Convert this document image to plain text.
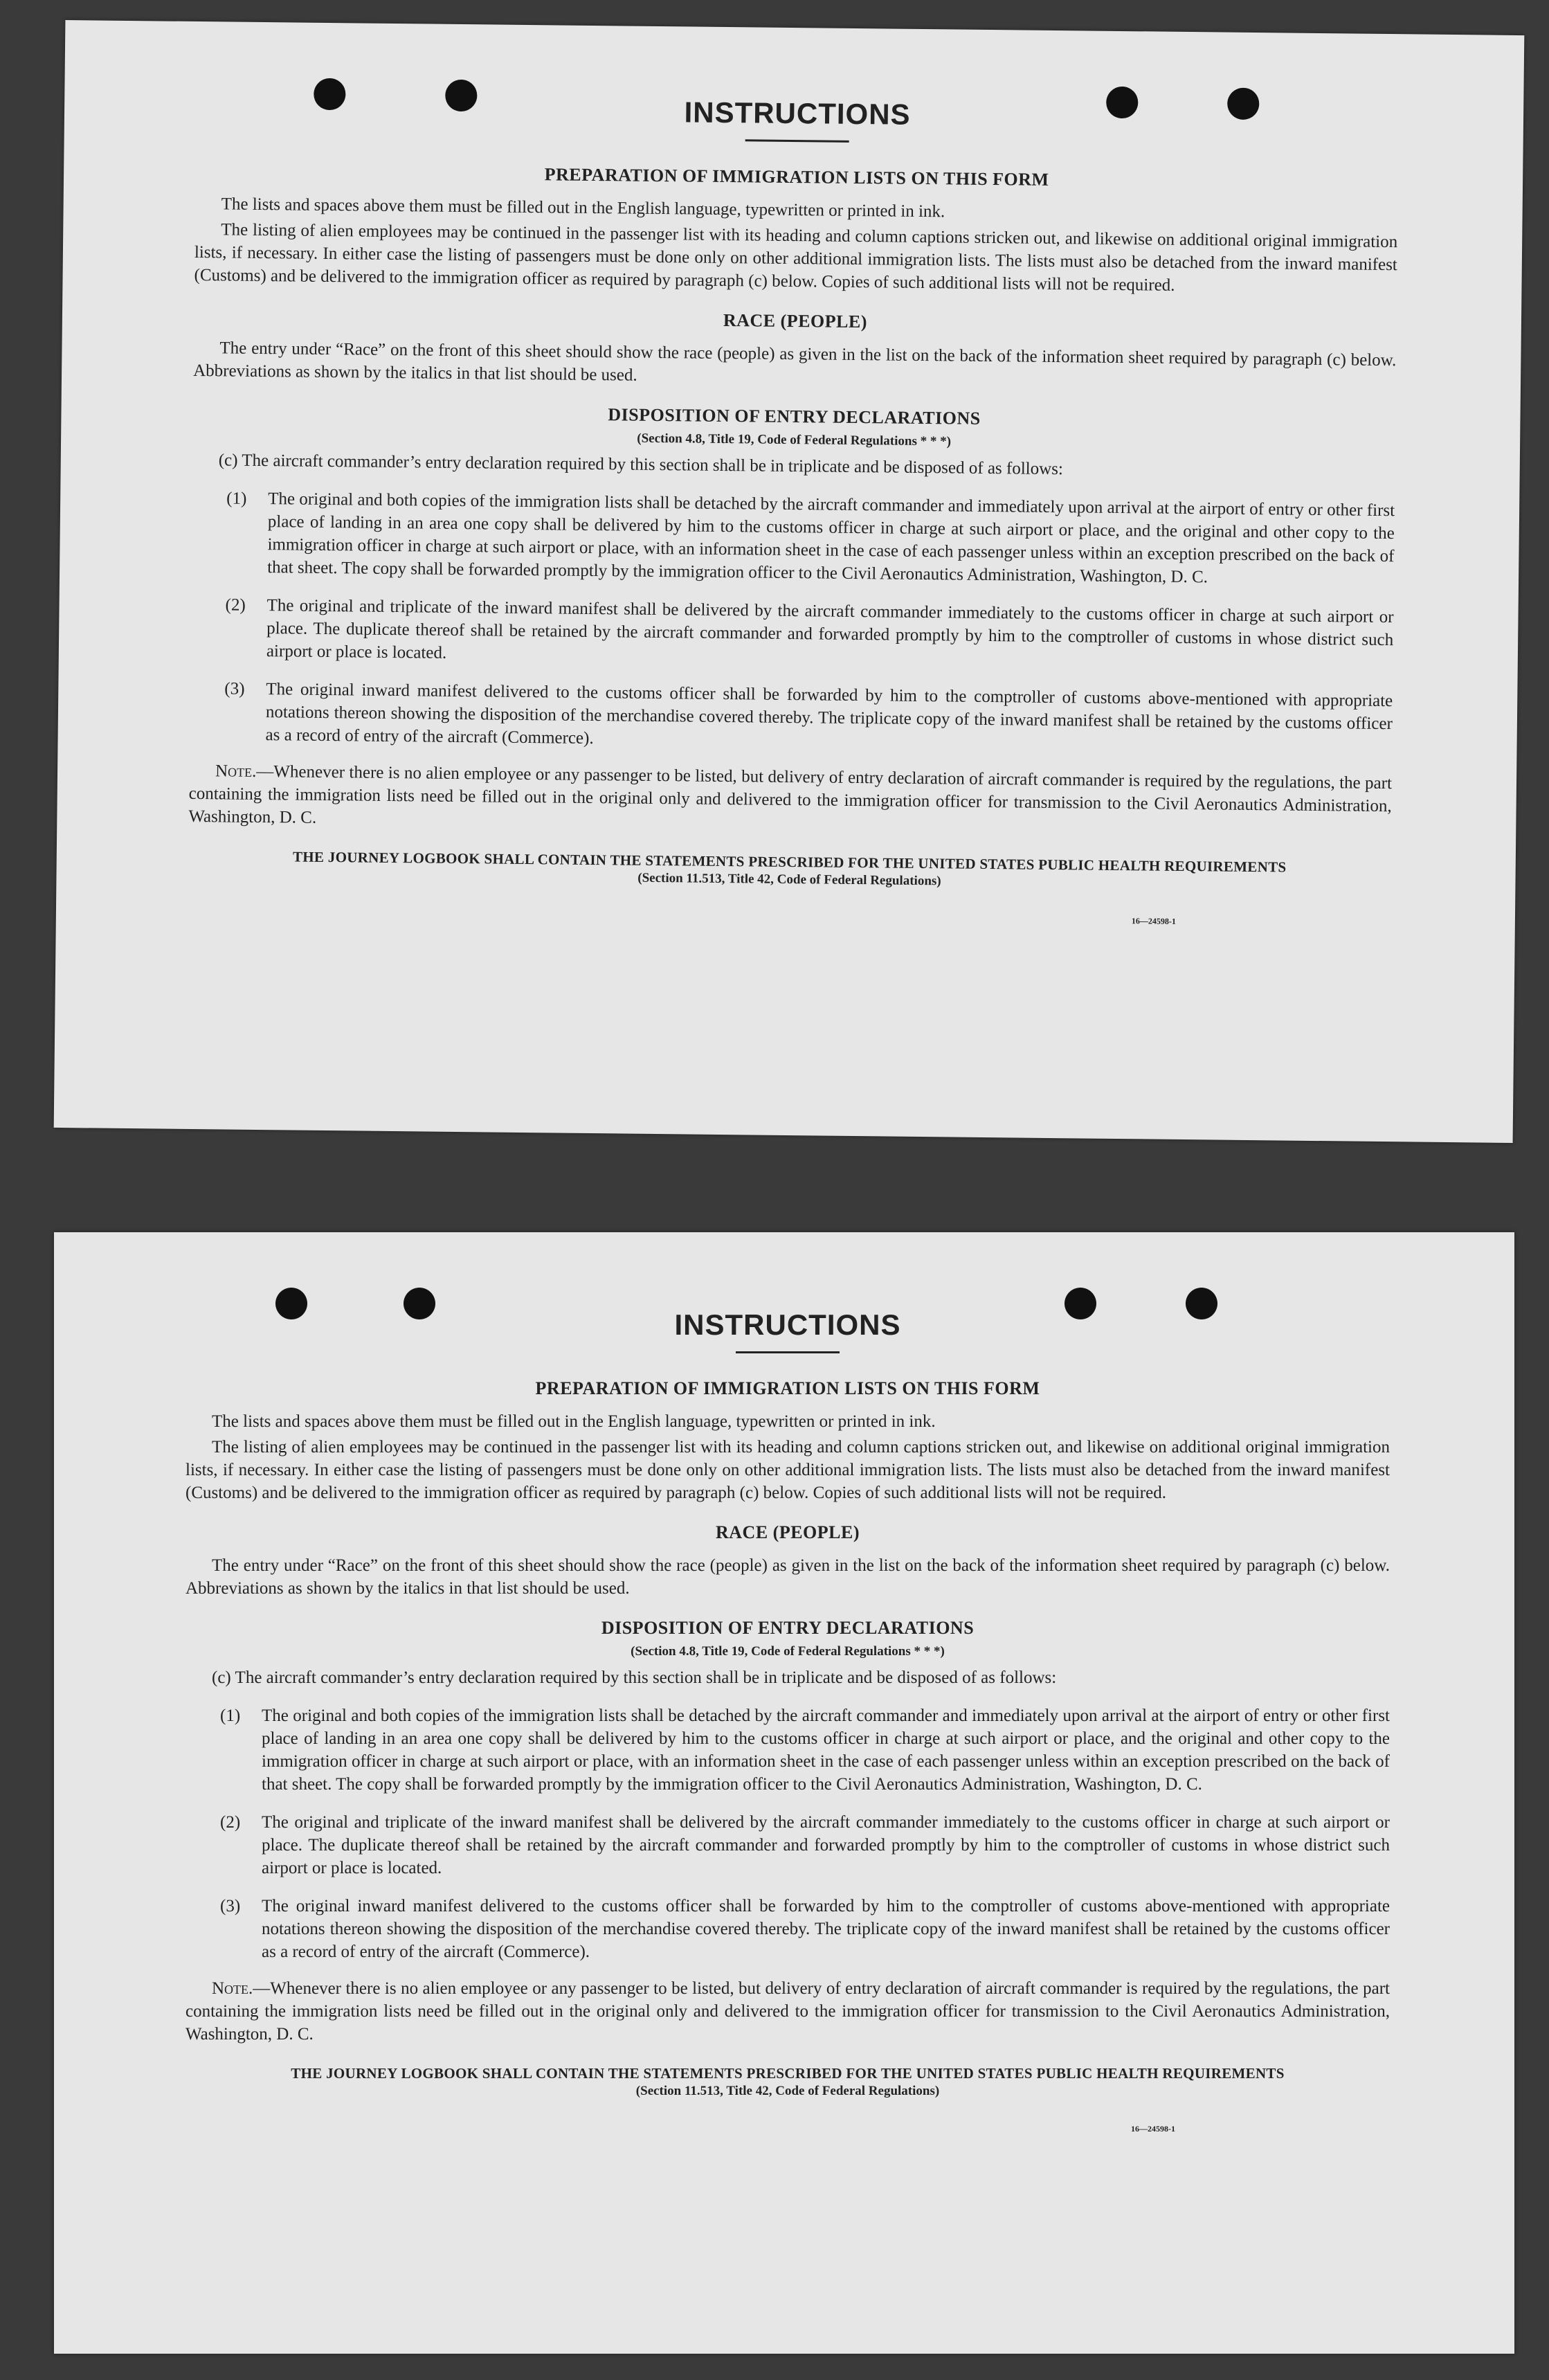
INSTRUCTIONS
PREPARATION OF IMMIGRATION LISTS ON THIS FORM

The lists and spaces above them must be filled out in the English language, typewritten or printed in ink.

The listing of alien employees may be continued in the passenger list with its heading and column captions stricken out, and likewise on additional original immigration lists, if necessary. In either case the listing of passengers must be done only on other additional immigration lists. The lists must also be detached from the inward manifest (Customs) and be delivered to the immigration officer as required by paragraph (c) below. Copies of such additional lists will not be required.

RACE (PEOPLE)

The entry under “Race” on the front of this sheet should show the race (people) as given in the list on the back of the information sheet required by paragraph (c) below. Abbreviations as shown by the italics in that list should be used.

DISPOSITION OF ENTRY DECLARATIONS
(Section 4.8, Title 19, Code of Federal Regulations * * *)

(c) The aircraft commander’s entry declaration required by this section shall be in triplicate and be disposed of as follows:

(1) The original and both copies of the immigration lists shall be detached by the aircraft commander and immediately upon arrival at the airport of entry or other first place of landing in an area one copy shall be delivered by him to the customs officer in charge at such airport or place, and the original and other copy to the immigration officer in charge at such airport or place, with an information sheet in the case of each passenger unless within an exception prescribed on the back of that sheet. The copy shall be forwarded promptly by the immigration officer to the Civil Aeronautics Administration, Washington, D. C.
(2) The original and triplicate of the inward manifest shall be delivered by the aircraft commander immediately to the customs officer in charge at such airport or place. The duplicate thereof shall be retained by the aircraft commander and forwarded promptly by him to the comptroller of customs in whose district such airport or place is located.
(3) The original inward manifest delivered to the customs officer shall be forwarded by him to the comptroller of customs above-mentioned with appropriate notations thereon showing the disposition of the merchandise covered thereby. The triplicate copy of the inward manifest shall be retained by the customs officer as a record of entry of the aircraft (Commerce).

Note.—Whenever there is no alien employee or any passenger to be listed, but delivery of entry declaration of aircraft commander is required by the regulations, the part containing the immigration lists need be filled out in the original only and delivered to the immigration officer for transmission to the Civil Aeronautics Administration, Washington, D. C.

THE JOURNEY LOGBOOK SHALL CONTAIN THE STATEMENTS PRESCRIBED FOR THE UNITED STATES PUBLIC HEALTH REQUIREMENTS
(Section 11.513, Title 42, Code of Federal Regulations)
16—24598-1
INSTRUCTIONS
PREPARATION OF IMMIGRATION LISTS ON THIS FORM

The lists and spaces above them must be filled out in the English language, typewritten or printed in ink.

The listing of alien employees may be continued in the passenger list with its heading and column captions stricken out, and likewise on additional original immigration lists, if necessary. In either case the listing of passengers must be done only on other additional immigration lists. The lists must also be detached from the inward manifest (Customs) and be delivered to the immigration officer as required by paragraph (c) below. Copies of such additional lists will not be required.

RACE (PEOPLE)

The entry under “Race” on the front of this sheet should show the race (people) as given in the list on the back of the information sheet required by paragraph (c) below. Abbreviations as shown by the italics in that list should be used.

DISPOSITION OF ENTRY DECLARATIONS
(Section 4.8, Title 19, Code of Federal Regulations * * *)

(c) The aircraft commander’s entry declaration required by this section shall be in triplicate and be disposed of as follows:

(1) The original and both copies of the immigration lists shall be detached by the aircraft commander and immediately upon arrival at the airport of entry or other first place of landing in an area one copy shall be delivered by him to the customs officer in charge at such airport or place, and the original and other copy to the immigration officer in charge at such airport or place, with an information sheet in the case of each passenger unless within an exception prescribed on the back of that sheet. The copy shall be forwarded promptly by the immigration officer to the Civil Aeronautics Administration, Washington, D. C.
(2) The original and triplicate of the inward manifest shall be delivered by the aircraft commander immediately to the customs officer in charge at such airport or place. The duplicate thereof shall be retained by the aircraft commander and forwarded promptly by him to the comptroller of customs in whose district such airport or place is located.
(3) The original inward manifest delivered to the customs officer shall be forwarded by him to the comptroller of customs above-mentioned with appropriate notations thereon showing the disposition of the merchandise covered thereby. The triplicate copy of the inward manifest shall be retained by the customs officer as a record of entry of the aircraft (Commerce).

Note.—Whenever there is no alien employee or any passenger to be listed, but delivery of entry declaration of aircraft commander is required by the regulations, the part containing the immigration lists need be filled out in the original only and delivered to the immigration officer for transmission to the Civil Aeronautics Administration, Washington, D. C.

THE JOURNEY LOGBOOK SHALL CONTAIN THE STATEMENTS PRESCRIBED FOR THE UNITED STATES PUBLIC HEALTH REQUIREMENTS
(Section 11.513, Title 42, Code of Federal Regulations)
16—24598-1
